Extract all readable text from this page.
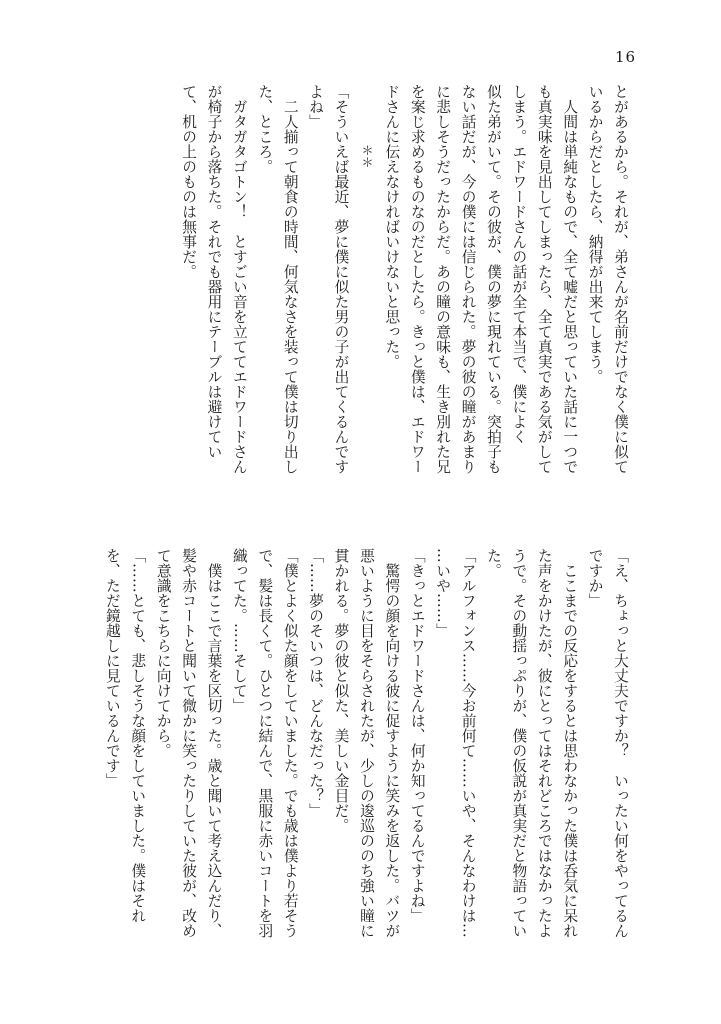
16
とがあるから。それが、弟さんが名前だけでなく僕に似て
いるからだとしたら、納得が出来てしまう。
　人間は単純なもので、全て嘘だと思っていた話に一つで
も真実味を見出してしまったら、全て真実である気がして
しまう。エドワードさんの話が全て本当で、僕によく
似た弟がいて。その彼が、僕の夢に現れている。突拍子も
ない話だが、今の僕には信じられた。夢の彼の瞳があまり
に悲しそうだったからだ。あの瞳の意味も、生き別れた兄
を案じ求めるものなのだとしたら。きっと僕は、エドワー
ドさんに伝えなければいけないと思った。
＊＊
「そういえば最近、夢に僕に似た男の子が出てくるんです
よね」
　二人揃って朝食の時間、何気なさを装って僕は切り出し
た、ところ。
　ガタガタゴトン！　とすごい音を立ててエドワードさん
が椅子から落ちた。それでも器用にテーブルは避けてい
て、机の上のものは無事だ。
「え、ちょっと大丈夫ですか？　いったい何をやってるん
ですか」
　ここまでの反応をするとは思わなかった僕は呑気に呆れ
た声をかけたが、彼にとってはそれどころではなかったよ
うで。その動揺っぷりが、僕の仮説が真実だと物語ってい
た。
「アルフォンス……今お前何て……いや、そんなわけは…
…いや……」
「きっとエドワードさんは、何か知ってるんですよね」
　驚愕の顔を向ける彼に促すように笑みを返した。バツが
悪いように目をそらされたが、少しの逡巡ののち強い瞳に
貫かれる。夢の彼と似た、美しい金目だ。
「……夢のそいつは、どんなだった？」
「僕とよく似た顔をしていました。でも歳は僕より若そう
で、髪は長くて。ひとつに結んで、黒服に赤いコートを羽
織ってた。……そして」
　僕はここで言葉を区切った。歳と聞いて考え込んだり、
髪や赤コートと聞いて微かに笑ったりしていた彼が、改め
て意識をこちらに向けてから。
「……とても、悲しそうな顔をしていました。僕はそれ
を、ただ鏡越しに見ているんです」
